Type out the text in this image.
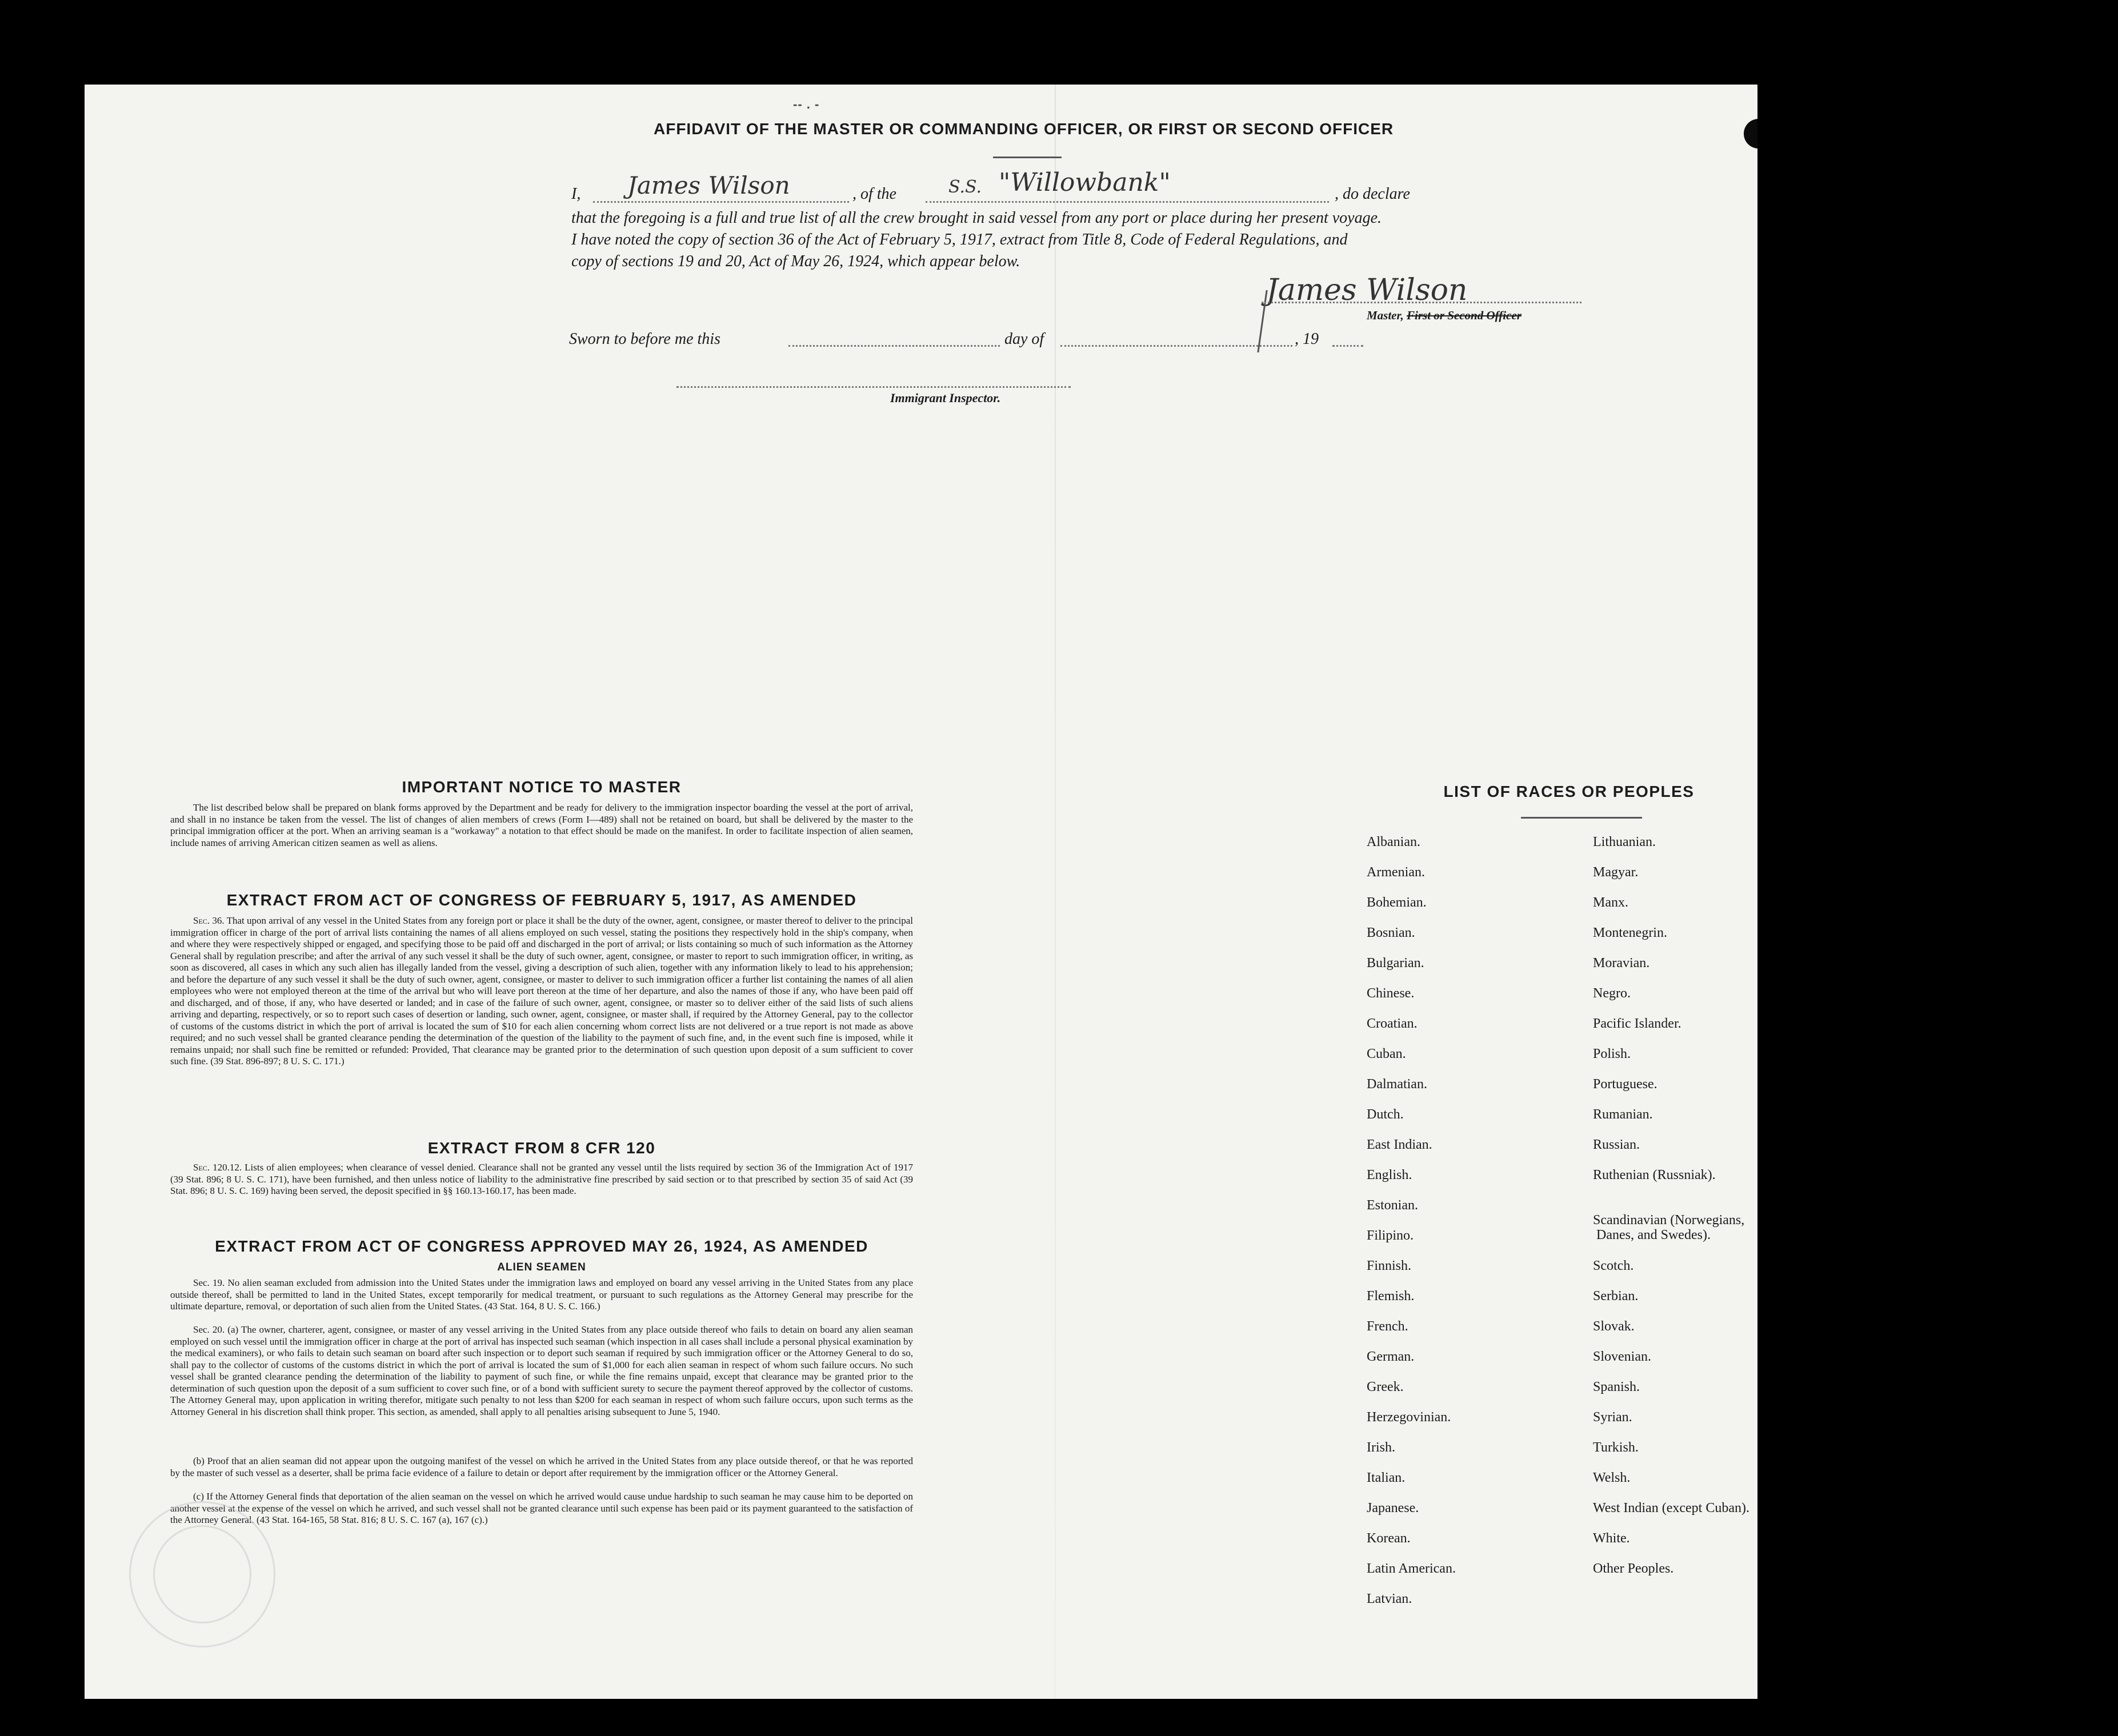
-- . -
AFFIDAVIT OF THE MASTER OR COMMANDING OFFICER, OR FIRST OR SECOND OFFICER
I, James Wilson	, of the	S.S. "Willowbank"	, do declare
that the foregoing is a full and true list of all the crew brought in said vessel from any port or place during her present voyage.
I have noted the copy of section 36 of the Act of February 5, 1917, extract from Title 8, Code of Federal Regulations, and
copy of sections 19 and 20, Act of May 26, 1924, which appear below.
James Wilson
Master, First or Second Officer
Sworn to before me this	day of	, 19
Immigrant Inspector.
IMPORTANT NOTICE TO MASTER
The list described below shall be prepared on blank forms approved by the Department and be ready for delivery to the immigration inspector boarding the vessel at the port of arrival, and shall in no instance be taken from the vessel. The list of changes of alien members of crews (Form I—489) shall not be retained on board, but shall be delivered by the master to the principal immigration officer at the port. When an arriving seaman is a "workaway" a notation to that effect should be made on the manifest. In order to facilitate inspection of alien seamen, include names of arriving American citizen seamen as well as aliens.
EXTRACT FROM ACT OF CONGRESS OF FEBRUARY 5, 1917, AS AMENDED
Sec. 36. That upon arrival of any vessel in the United States from any foreign port or place it shall be the duty of the owner, agent, consignee, or master thereof to deliver to the principal immigration officer in charge of the port of arrival lists containing the names of all aliens employed on such vessel, stating the positions they respectively hold in the ship's company, when and where they were respectively shipped or engaged, and specifying those to be paid off and discharged in the port of arrival; or lists containing so much of such information as the Attorney General shall by regulation prescribe; and after the arrival of any such vessel it shall be the duty of such owner, agent, consignee, or master to report to such immigration officer, in writing, as soon as discovered, all cases in which any such alien has illegally landed from the vessel, giving a description of such alien, together with any information likely to lead to his apprehension; and before the departure of any such vessel it shall be the duty of such owner, agent, consignee, or master to deliver to such immigration officer a further list containing the names of all alien employees who were not employed thereon at the time of the arrival but who will leave port thereon at the time of her departure, and also the names of those if any, who have been paid off and discharged, and of those, if any, who have deserted or landed; and in case of the failure of such owner, agent, consignee, or master so to deliver either of the said lists of such aliens arriving and departing, respectively, or so to report such cases of desertion or landing, such owner, agent, consignee, or master shall, if required by the Attorney General, pay to the collector of customs of the customs district in which the port of arrival is located the sum of $10 for each alien concerning whom correct lists are not delivered or a true report is not made as above required; and no such vessel shall be granted clearance pending the determination of the question of the liability to the payment of such fine, and, in the event such fine is imposed, while it remains unpaid; nor shall such fine be remitted or refunded: Provided, That clearance may be granted prior to the determination of such question upon deposit of a sum sufficient to cover such fine. (39 Stat. 896-897; 8 U. S. C. 171.)
EXTRACT FROM 8 CFR 120
Sec. 120.12. Lists of alien employees; when clearance of vessel denied. Clearance shall not be granted any vessel until the lists required by section 36 of the Immigration Act of 1917 (39 Stat. 896; 8 U. S. C. 171), have been furnished, and then unless notice of liability to the administrative fine prescribed by said section or to that prescribed by section 35 of said Act (39 Stat. 896; 8 U. S. C. 169) having been served, the deposit specified in §§ 160.13-160.17, has been made.
EXTRACT FROM ACT OF CONGRESS APPROVED MAY 26, 1924, AS AMENDED
ALIEN SEAMEN
Sec. 19. No alien seaman excluded from admission into the United States under the immigration laws and employed on board any vessel arriving in the United States from any place outside thereof, shall be permitted to land in the United States, except temporarily for medical treatment, or pursuant to such regulations as the Attorney General may prescribe for the ultimate departure, removal, or deportation of such alien from the United States. (43 Stat. 164, 8 U. S. C. 166.)
Sec. 20. (a) The owner, charterer, agent, consignee, or master of any vessel arriving in the United States from any place outside thereof who fails to detain on board any alien seaman employed on such vessel until the immigration officer in charge at the port of arrival has inspected such seaman (which inspection in all cases shall include a personal physical examination by the medical examiners), or who fails to detain such seaman on board after such inspection or to deport such seaman if required by such immigration officer or the Attorney General to do so, shall pay to the collector of customs of the customs district in which the port of arrival is located the sum of $1,000 for each alien seaman in respect of whom such failure occurs. No such vessel shall be granted clearance pending the determination of the liability to payment of such fine, or while the fine remains unpaid, except that clearance may be granted prior to the determination of such question upon the deposit of a sum sufficient to cover such fine, or of a bond with sufficient surety to secure the payment thereof approved by the collector of customs. The Attorney General may, upon application in writing therefor, mitigate such penalty to not less than $200 for each seaman in respect of whom such failure occurs, upon such terms as the Attorney General in his discretion shall think proper. This section, as amended, shall apply to all penalties arising subsequent to June 5, 1940.
(b) Proof that an alien seaman did not appear upon the outgoing manifest of the vessel on which he arrived in the United States from any place outside thereof, or that he was reported by the master of such vessel as a deserter, shall be prima facie evidence of a failure to detain or deport after requirement by the immigration officer or the Attorney General.
(c) If the Attorney General finds that deportation of the alien seaman on the vessel on which he arrived would cause undue hardship to such seaman he may cause him to be deported on another vessel at the expense of the vessel on which he arrived, and such vessel shall not be granted clearance until such expense has been paid or its payment guaranteed to the satisfaction of the Attorney General. (43 Stat. 164-165, 58 Stat. 816; 8 U. S. C. 167 (a), 167 (c).)
LIST OF RACES OR PEOPLES
Albanian.
Armenian.
Bohemian.
Bosnian.
Bulgarian.
Chinese.
Croatian.
Cuban.
Dalmatian.
Dutch.
East Indian.
English.
Estonian.
Filipino.
Finnish.
Flemish.
French.
German.
Greek.
Herzegovinian.
Irish.
Italian.
Japanese.
Korean.
Latin American.
Latvian.
Lithuanian.
Magyar.
Manx.
Montenegrin.
Moravian.
Negro.
Pacific Islander.
Polish.
Portuguese.
Rumanian.
Russian.
Ruthenian (Russniak).
Scandinavian (Norwegians,
Danes, and Swedes).
Scotch.
Serbian.
Slovak.
Slovenian.
Spanish.
Syrian.
Turkish.
Welsh.
West Indian (except Cuban).
White.
Other Peoples.
